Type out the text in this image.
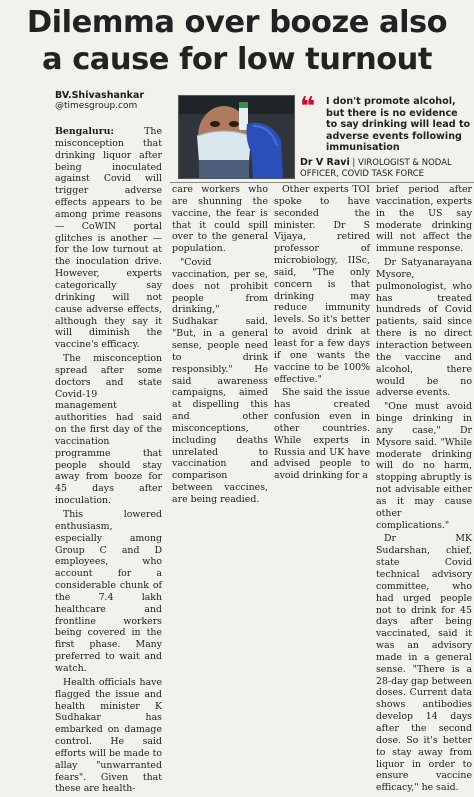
Dilemma over booze also
a cause for low turnout
BV.Shivashankar
@timesgroup.com	❝ I don't promote alcohol, but there is no evidence to say drinking will lead to adverse events following immunisation
Dr V Ravi | VIROLOGIST & NODAL OFFICER, COVID TASK FORCE

Bengaluru:	The misconception that drinking liquor after being inoculated against Covid will trigger adverse effects appears to be among prime reasons — CoWIN portal glitches is another — for the low turnout at the inoculation drive. However, experts categorically say drinking will not cause adverse effects, although they say it will diminish the vaccine's efficacy.

The misconception spread after some doctors and state Covid-19 management authorities had said on the first day of the vaccination programme that people should stay away from booze for 45 days after inoculation.

This lowered enthusiasm, especially among Group C and D employees, who account for a considerable chunk of the 7.4 lakh healthcare and frontline workers being covered in the first phase. Many preferred to wait and watch.

Health officials have flagged the issue and health minister K Sudhakar has embarked on damage control. He said efforts will be made to allay "unwarranted fears". Given that these are health-

care workers who are shunning the vaccine, the fear is that it could spill over to the general population.

"Covid vaccination, per se, does not prohibit people from drinking," Sudhakar said. "But, in a general sense, people need to drink responsibly." He said awareness campaigns, aimed at dispelling this and other misconceptions, including deaths unrelated to vaccination and comparison between vaccines, are being readied.

brief period after vaccination, experts in the US say moderate drinking will not affect the immune response.

Dr Satyanarayana Mysore, pulmonologist, who has treated hundreds of Covid patients, said since there is no direct interaction between the vaccine and alcohol, there would be no adverse events.

"One must avoid binge drinking in any case," Dr Mysore said. "While moderate drinking will do no harm, stopping abruptly is not advisable either as it may cause other complications."

Dr MK Sudarshan, chief, state Covid technical advisory committee, who had urged people not to drink for 45 days after being vaccinated, said it was an advisory made in a general sense. "There is a 28-day gap between doses. Current data shows antibodies develop 14 days after the second dose. So it's better to stay away from liquor in order to ensure vaccine efficacy," he said.

Other experts TOI spoke to have seconded the minister. Dr S Vijaya, retired professor of microbiology, IISc, said, "The only concern is that drinking may reduce immunity levels. So it's better to avoid drink at least for a few days if one wants the vaccine to be 100% effective."

She said the issue has created confusion even in other countries. While experts in Russia and UK have advised people to avoid drinking for a
